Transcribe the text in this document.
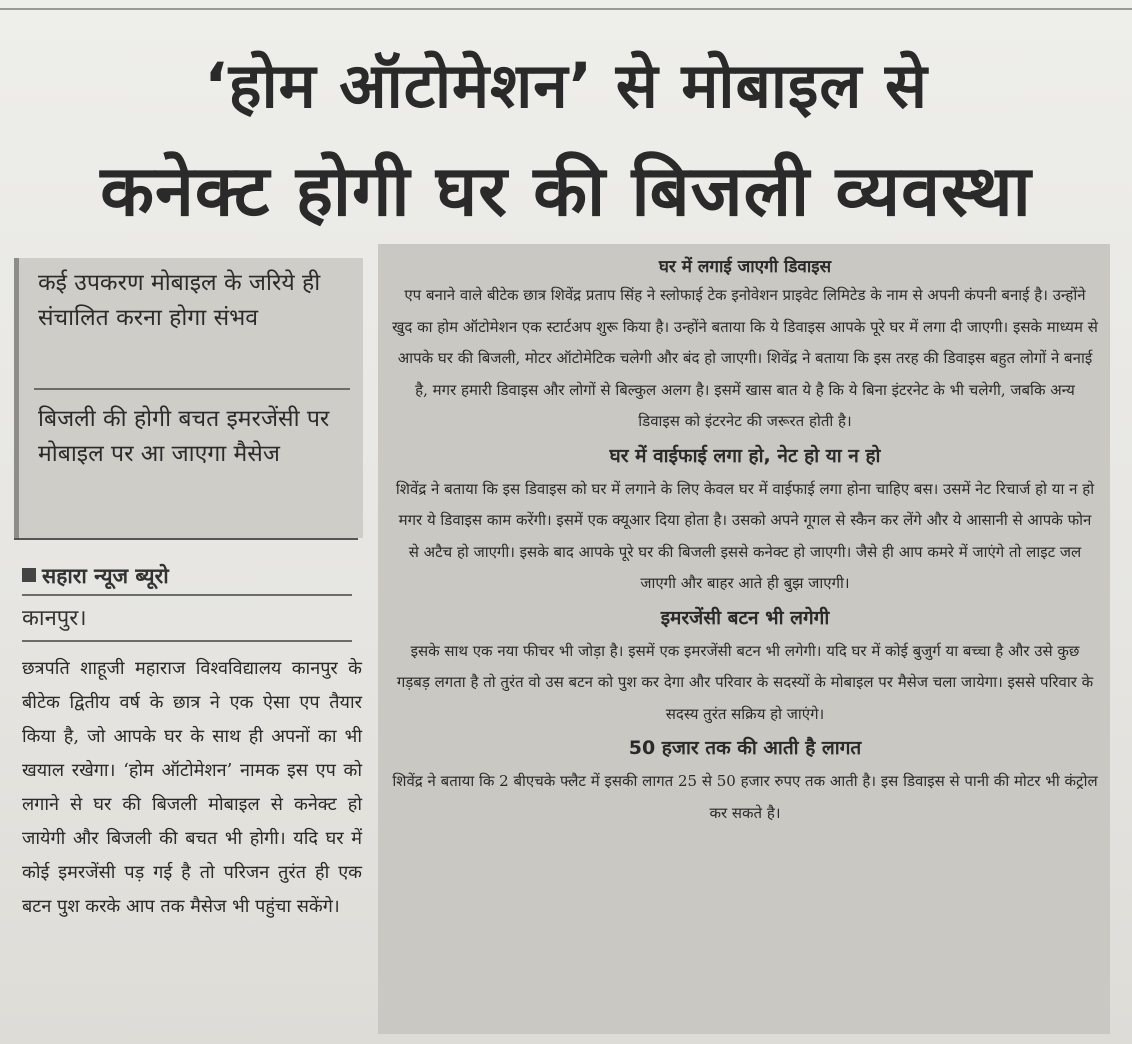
‘होम ऑटोमेशन’ से मोबाइल से
कनेक्ट होगी घर की बिजली व्यवस्था
कई उपकरण मोबाइल के जरिये ही संचालित करना होगा संभव
बिजली की होगी बचत इमरजेंसी पर मोबाइल पर आ जाएगा मैसेज
सहारा न्यूज ब्यूरो
कानपुर।
छत्रपति शाहूजी महाराज विश्वविद्यालय कानपुर के बीटेक द्वितीय वर्ष के छात्र ने एक ऐसा एप तैयार किया है, जो आपके घर के साथ ही अपनों का भी खयाल रखेगा। ‘होम ऑटोमेशन’ नामक इस एप को लगाने से घर की बिजली मोबाइल से कनेक्ट हो जायेगी और बिजली की बचत भी होगी। यदि घर में कोई इमरजेंसी पड़ गई है तो परिजन तुरंत ही एक बटन पुश करके आप तक मैसेज भी पहुंचा सकेंगे।

घर में लगाई जाएगी डिवाइस

एप बनाने वाले बीटेक छात्र शिवेंद्र प्रताप सिंह ने स्लोफाई टेक इनोवेशन प्राइवेट लिमिटेड के नाम से अपनी कंपनी बनाई है। उन्होंने खुद का होम ऑटोमेशन एक स्टार्टअप शुरू किया है। उन्होंने बताया कि ये डिवाइस आपके पूरे घर में लगा दी जाएगी। इसके माध्यम से आपके घर की बिजली, मोटर ऑटोमेटिक चलेगी और बंद हो जाएगी। शिवेंद्र ने बताया कि इस तरह की डिवाइस बहुत लोगों ने बनाई है, मगर हमारी डिवाइस और लोगों से बिल्कुल अलग है। इसमें खास बात ये है कि ये बिना इंटरनेट के भी चलेगी, जबकि अन्य डिवाइस को इंटरनेट की जरूरत होती है।

घर में वाईफाई लगा हो, नेट हो या न हो

शिवेंद्र ने बताया कि इस डिवाइस को घर में लगाने के लिए केवल घर में वाईफाई लगा होना चाहिए बस। उसमें नेट रिचार्ज हो या न हो मगर ये डिवाइस काम करेंगी। इसमें एक क्यूआर दिया होता है। उसको अपने गूगल से स्कैन कर लेंगे और ये आसानी से आपके फोन से अटैच हो जाएगी। इसके बाद आपके पूरे घर की बिजली इससे कनेक्ट हो जाएगी। जैसे ही आप कमरे में जाएंगे तो लाइट जल जाएगी और बाहर आते ही बुझ जाएगी।

इमरजेंसी बटन भी लगेगी

इसके साथ एक नया फीचर भी जोड़ा है। इसमें एक इमरजेंसी बटन भी लगेगी। यदि घर में कोई बुजुर्ग या बच्चा है और उसे कुछ गड़बड़ लगता है तो तुरंत वो उस बटन को पुश कर देगा और परिवार के सदस्यों के मोबाइल पर मैसेज चला जायेगा। इससे परिवार के सदस्य तुरंत सक्रिय हो जाएंगे।

50 हजार तक की आती है लागत

शिवेंद्र ने बताया कि 2 बीएचके फ्लैट में इसकी लागत 25 से 50 हजार रुपए तक आती है। इस डिवाइस से पानी की मोटर भी कंट्रोल कर सकते है।
